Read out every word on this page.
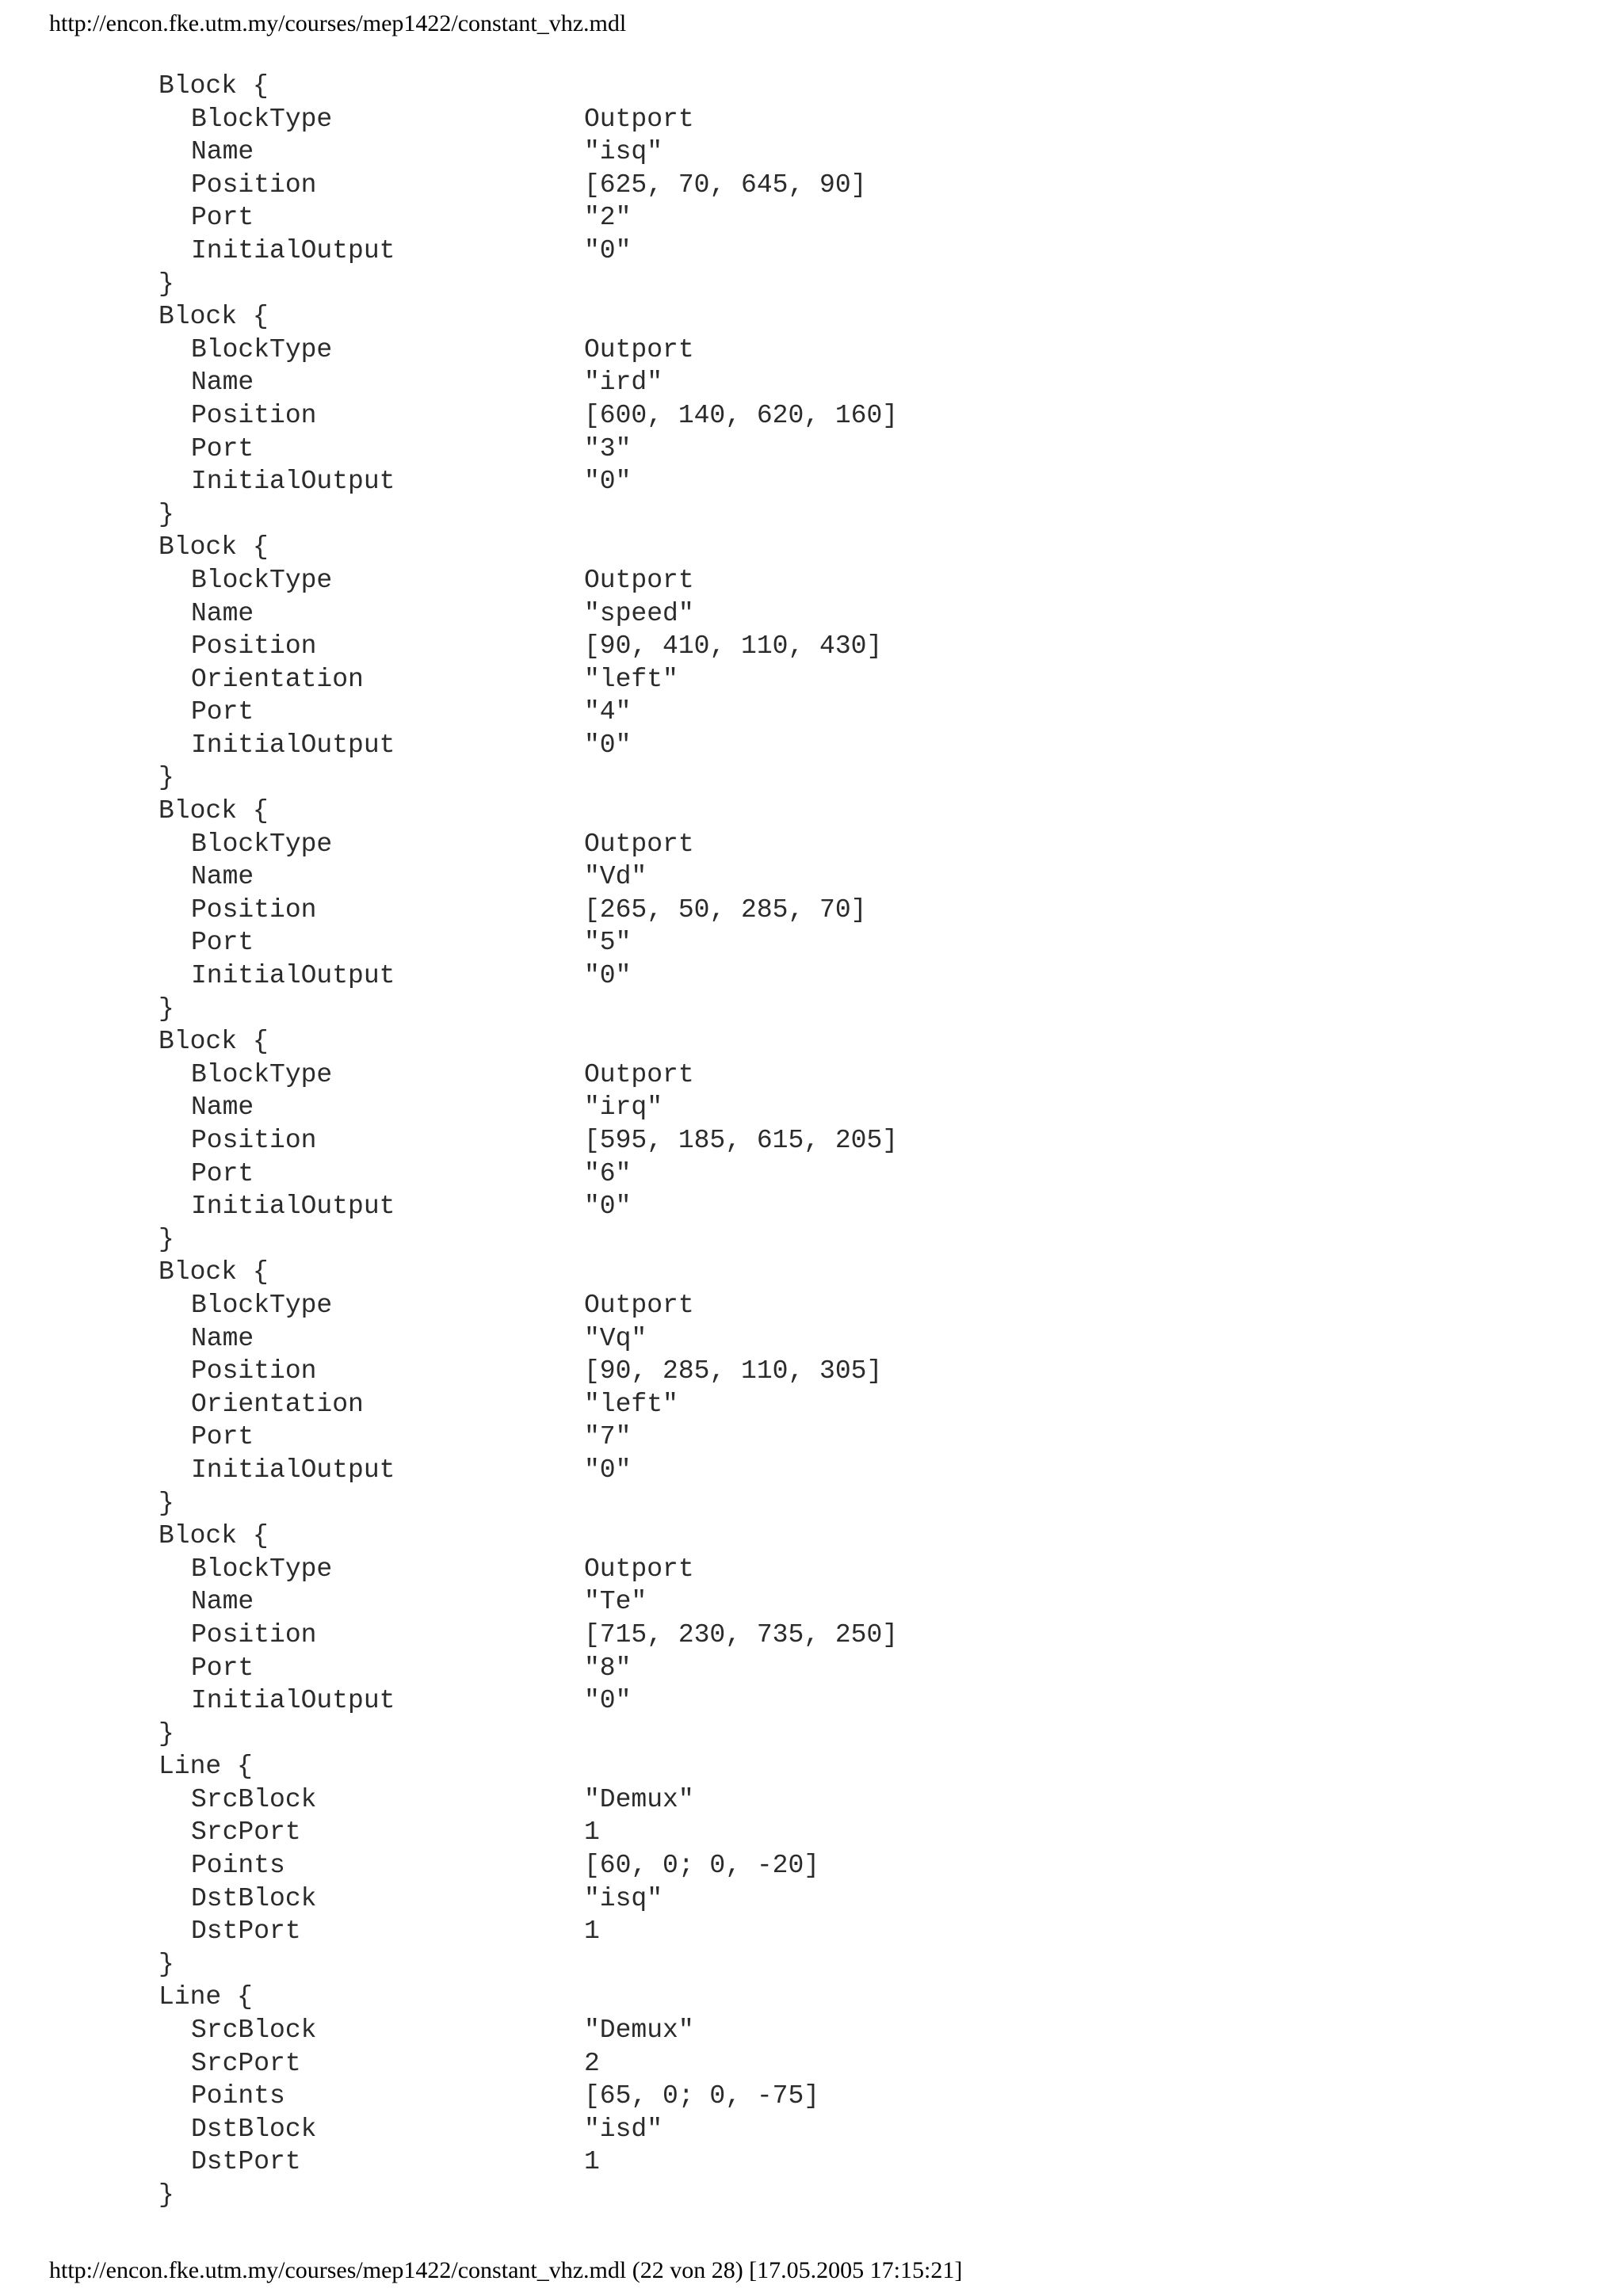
http://encon.fke.utm.my/courses/mep1422/constant_vhz.mdl
Block {
BlockType	Outport
Name	"isq"
Position	[625, 70, 645, 90]
Port	"2"
InitialOutput	"0"
}
Block {
BlockType	Outport
Name	"ird"
Position	[600, 140, 620, 160]
Port	"3"
InitialOutput	"0"
}
Block {
BlockType	Outport
Name	"speed"
Position	[90, 410, 110, 430]
Orientation	"left"
Port	"4"
InitialOutput	"0"
}
Block {
BlockType	Outport
Name	"Vd"
Position	[265, 50, 285, 70]
Port	"5"
InitialOutput	"0"
}
Block {
BlockType	Outport
Name	"irq"
Position	[595, 185, 615, 205]
Port	"6"
InitialOutput	"0"
}
Block {
BlockType	Outport
Name	"Vq"
Position	[90, 285, 110, 305]
Orientation	"left"
Port	"7"
InitialOutput	"0"
}
Block {
BlockType	Outport
Name	"Te"
Position	[715, 230, 735, 250]
Port	"8"
InitialOutput	"0"
}
Line {
SrcBlock	"Demux"
SrcPort	1
Points	[60, 0; 0, -20]
DstBlock	"isq"
DstPort	1
}
Line {
SrcBlock	"Demux"
SrcPort	2
Points	[65, 0; 0, -75]
DstBlock	"isd"
DstPort	1
}
http://encon.fke.utm.my/courses/mep1422/constant_vhz.mdl (22 von 28) [17.05.2005 17:15:21]
